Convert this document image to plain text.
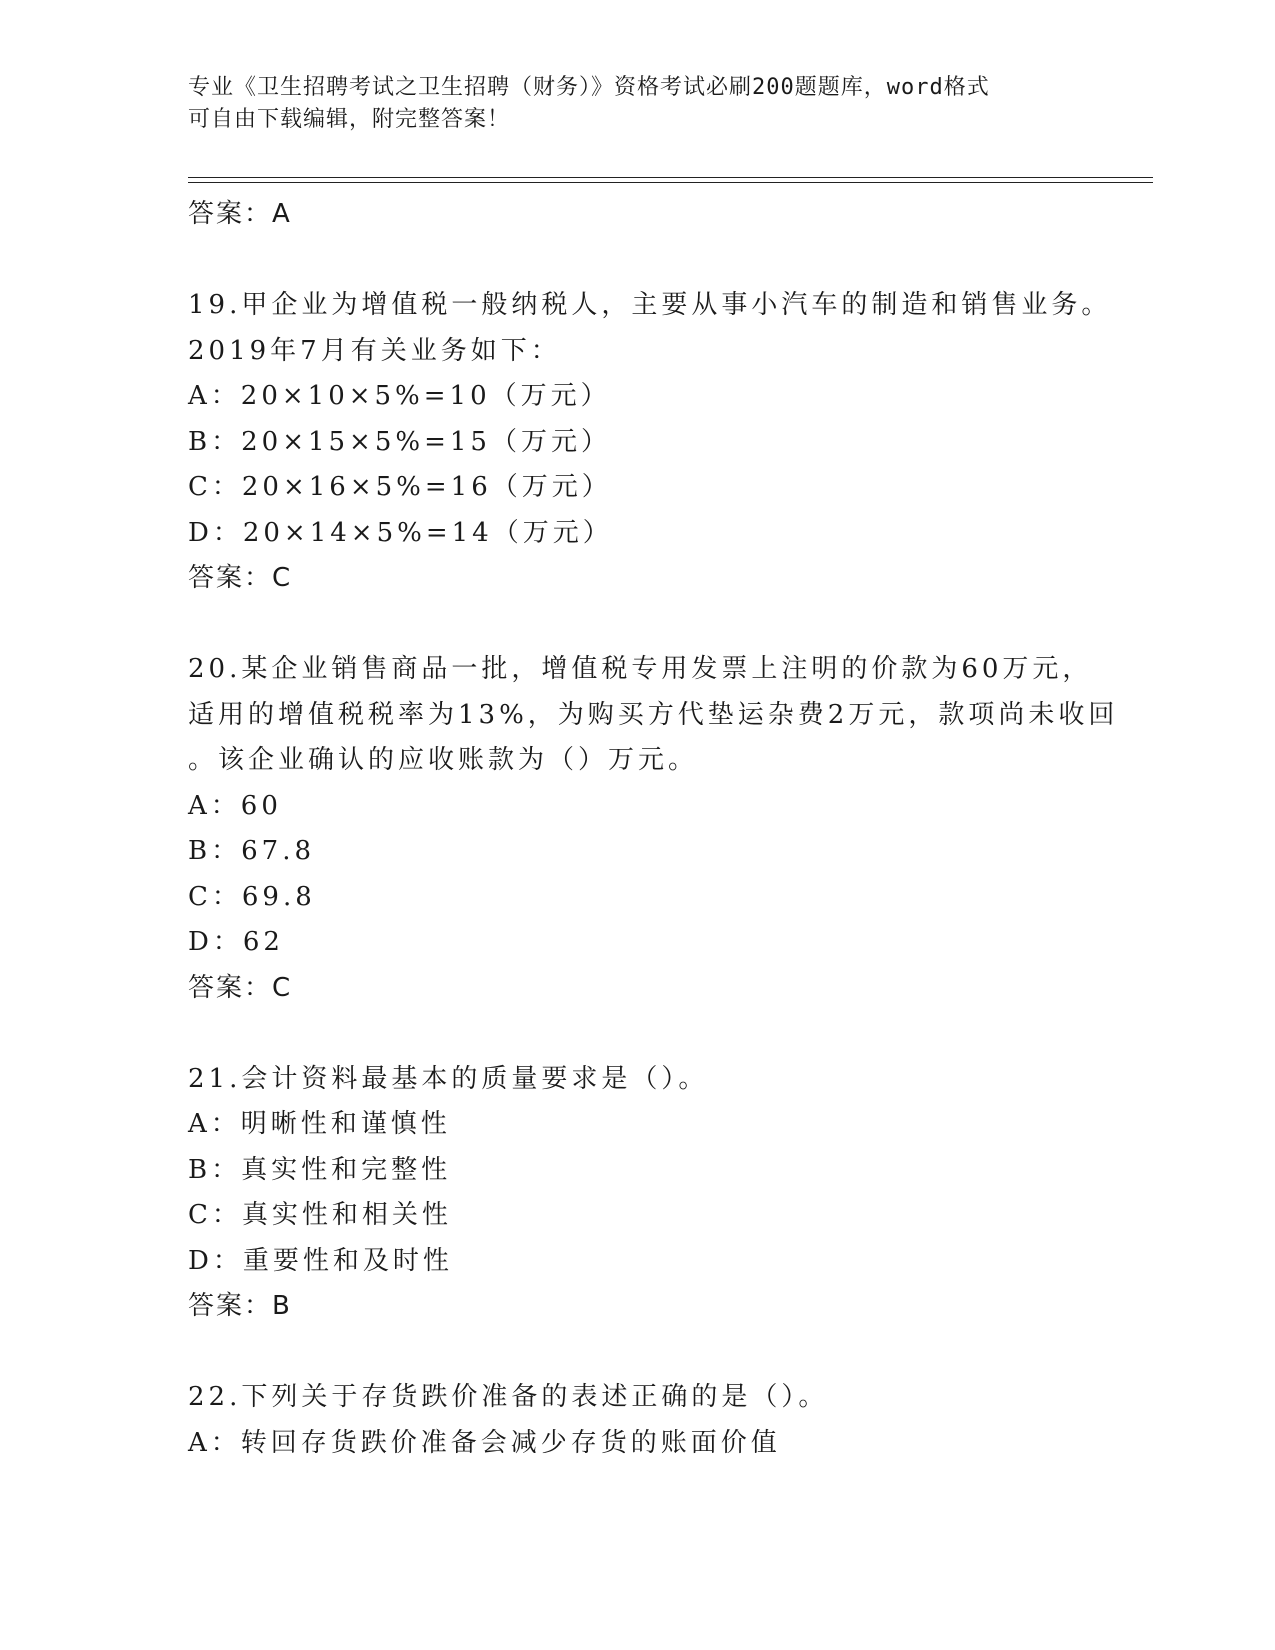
专业《卫生招聘考试之卫生招聘（财务）》资格考试必刷200题题库，word格式
可自由下载编辑，附完整答案！
答案：A
19.甲企业为增值税一般纳税人，主要从事小汽车的制造和销售业务。
2019年7月有关业务如下：
A：20×10×5%=10（万元）
B：20×15×5%=15（万元）
C：20×16×5%=16（万元）
D：20×14×5%=14（万元）
答案：C
20.某企业销售商品一批，增值税专用发票上注明的价款为60万元，
适用的增值税税率为13%，为购买方代垫运杂费2万元，款项尚未收回
。该企业确认的应收账款为（）万元。
A：60
B：67.8
C：69.8
D：62
答案：C
21.会计资料最基本的质量要求是（）。
A：明晰性和谨慎性
B：真实性和完整性
C：真实性和相关性
D：重要性和及时性
答案：B
22.下列关于存货跌价准备的表述正确的是（）。
A：转回存货跌价准备会减少存货的账面价值
